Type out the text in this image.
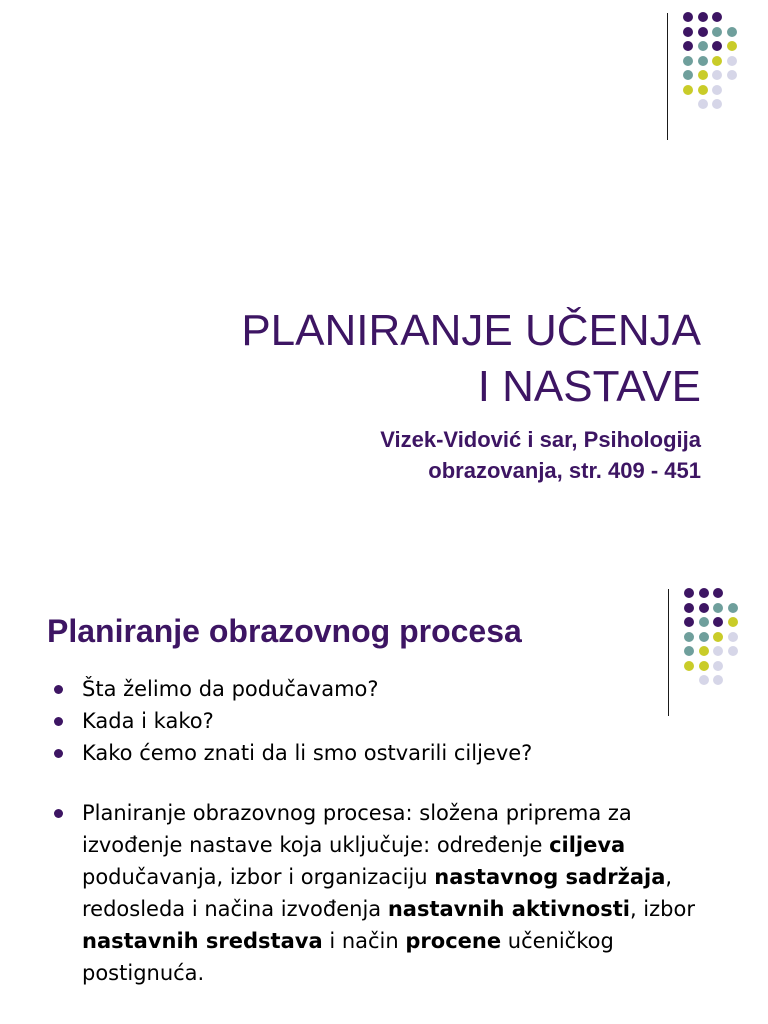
PLANIRANJE UČENJA
I NASTAVE
Vizek-Vidović i sar, Psihologija
obrazovanja, str. 409 - 451
Planiranje obrazovnog procesa
Šta želimo da podučavamo?
Kada i kako?
Kako ćemo znati da li smo ostvarili ciljeve?
Planiranje obrazovnog procesa: složena priprema za izvođenje nastave koja uključuje: određenje ciljeva podučavanja, izbor i organizaciju nastavnog sadržaja, redosleda i načina izvođenja nastavnih aktivnosti, izbor nastavnih sredstava i način procene učeničkog postignuća.
